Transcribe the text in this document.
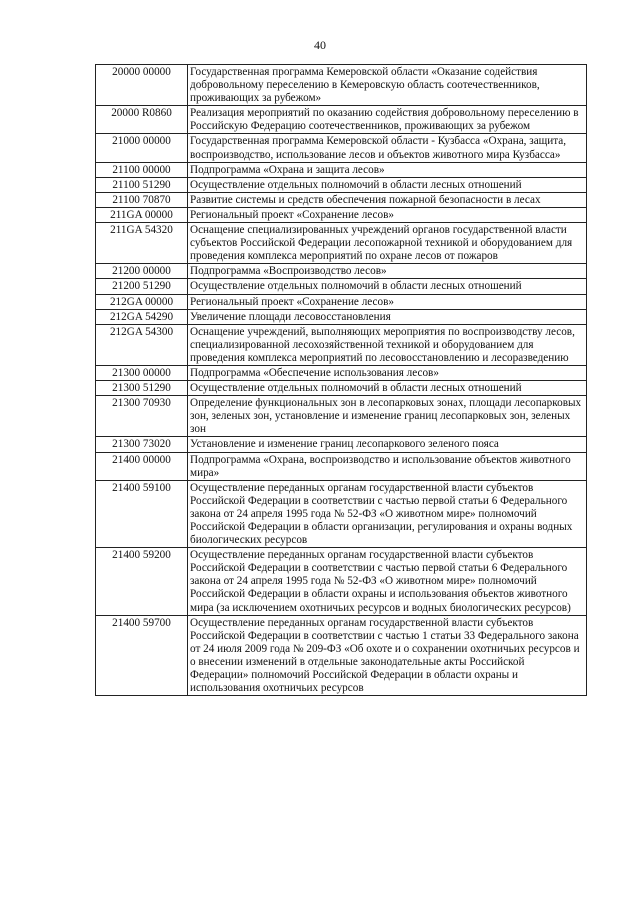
40
20000 00000	Государственная программа Кемеровской области «Оказание содействия добровольному переселению в Кемеровскую область соотечественников, проживающих за рубежом»
20000 R0860	Реализация мероприятий по оказанию содействия добровольному переселению в Российскую Федерацию соотечественников, проживающих за рубежом
21000 00000	Государственная программа Кемеровской области - Кузбасса «Охрана, защита, воспроизводство, использование лесов и объектов животного мира Кузбасса»
21100 00000	Подпрограмма «Охрана и защита лесов»
21100 51290	Осуществление отдельных полномочий в области лесных отношений
21100 70870	Развитие системы и средств обеспечения пожарной безопасности в лесах
211GA 00000	Региональный проект «Сохранение лесов»
211GA 54320	Оснащение специализированных учреждений органов государственной власти субъектов Российской Федерации лесопожарной техникой и оборудованием для проведения комплекса мероприятий по охране лесов от пожаров
21200 00000	Подпрограмма «Воспроизводство лесов»
21200 51290	Осуществление отдельных полномочий в области лесных отношений
212GA 00000	Региональный проект «Сохранение лесов»
212GA 54290	Увеличение площади лесовосстановления
212GA 54300	Оснащение учреждений, выполняющих мероприятия по воспроизводству лесов, специализированной лесохозяйственной техникой и оборудованием для проведения комплекса мероприятий по лесовосстановлению и лесоразведению
21300 00000	Подпрограмма «Обеспечение использования лесов»
21300 51290	Осуществление отдельных полномочий в области лесных отношений
21300 70930	Определение функциональных зон в лесопарковых зонах, площади лесопарковых зон, зеленых зон, установление и изменение границ лесопарковых зон, зеленых зон
21300 73020	Установление и изменение границ лесопаркового зеленого пояса
21400 00000	Подпрограмма «Охрана, воспроизводство и использование объектов животного мира»
21400 59100	Осуществление переданных органам государственной власти субъектов Российской Федерации в соответствии с частью первой статьи 6 Федерального закона от 24 апреля 1995 года № 52-ФЗ «О животном мире» полномочий Российской Федерации в области организации, регулирования и охраны водных биологических ресурсов
21400 59200	Осуществление переданных органам государственной власти субъектов Российской Федерации в соответствии с частью первой статьи 6 Федерального закона от 24 апреля 1995 года № 52-ФЗ «О животном мире» полномочий Российской Федерации в области охраны и использования объектов животного мира (за исключением охотничьих ресурсов и водных биологических ресурсов)
21400 59700	Осуществление переданных органам государственной власти субъектов Российской Федерации в соответствии с частью 1 статьи 33 Федерального закона от 24 июля 2009 года № 209-ФЗ «Об охоте и о сохранении охотничьих ресурсов и о внесении изменений в отдельные законодательные акты Российской Федерации» полномочий Российской Федерации в области охраны и использования охотничьих ресурсов
